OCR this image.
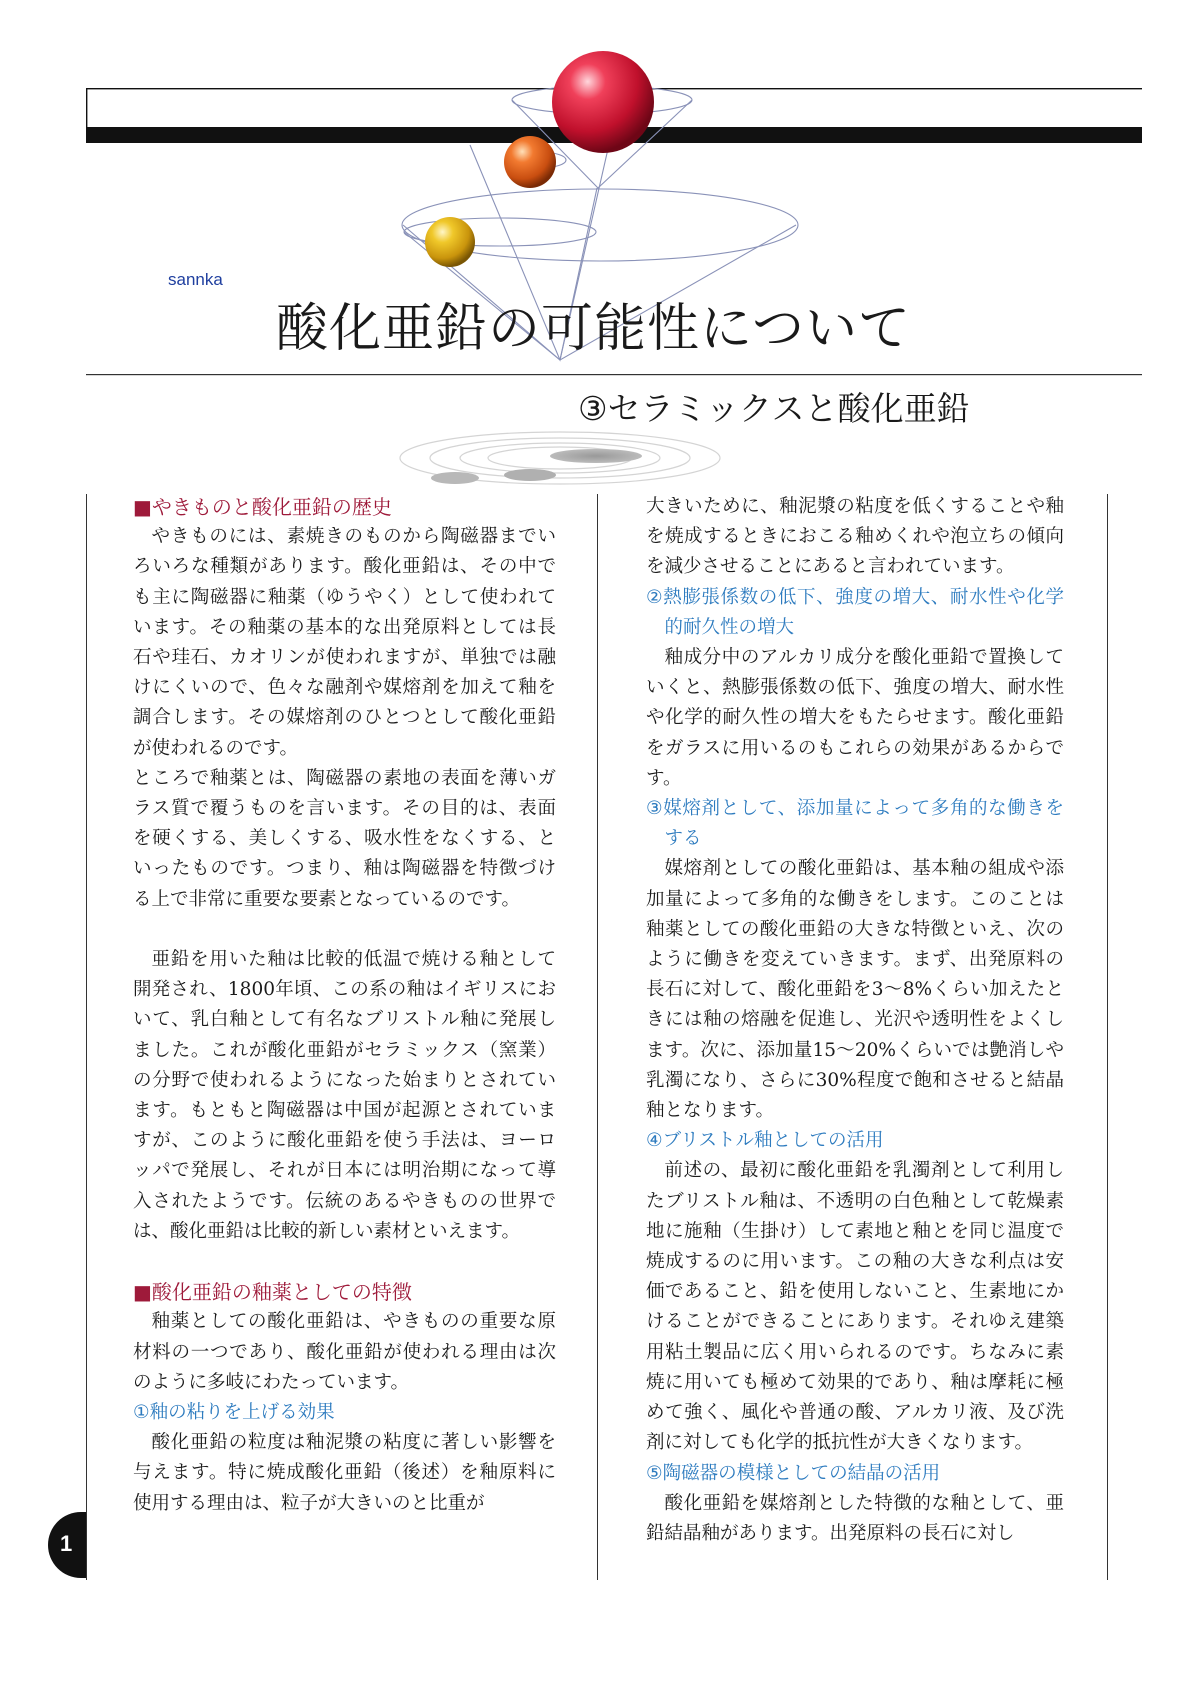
sannka
酸化亜鉛の可能性について
③セラミックスと酸化亜鉛

■やきものと酸化亜鉛の歴史

やきものには、素焼きのものから陶磁器までいろいろな種類があります。酸化亜鉛は、その中でも主に陶磁器に釉薬（ゆうやく）として使われています。その釉薬の基本的な出発原料としては長石や珪石、カオリンが使われますが、単独では融けにくいので、色々な融剤や媒熔剤を加えて釉を調合します。その媒熔剤のひとつとして酸化亜鉛が使われるのです。

ところで釉薬とは、陶磁器の素地の表面を薄いガラス質で覆うものを言います。その目的は、表面を硬くする、美しくする、吸水性をなくする、といったものです。つまり、釉は陶磁器を特徴づける上で非常に重要な要素となっているのです。

亜鉛を用いた釉は比較的低温で焼ける釉として開発され、1800年頃、この系の釉はイギリスにおいて、乳白釉として有名なブリストル釉に発展しました。これが酸化亜鉛がセラミックス（窯業）の分野で使われるようになった始まりとされています。もともと陶磁器は中国が起源とされていますが、このように酸化亜鉛を使う手法は、ヨーロッパで発展し、それが日本には明治期になって導入されたようです。伝統のあるやきものの世界では、酸化亜鉛は比較的新しい素材といえます。

■酸化亜鉛の釉薬としての特徴

釉薬としての酸化亜鉛は、やきものの重要な原材料の一つであり、酸化亜鉛が使われる理由は次のように多岐にわたっています。

①釉の粘りを上げる効果

酸化亜鉛の粒度は釉泥漿の粘度に著しい影響を与えます。特に焼成酸化亜鉛（後述）を釉原料に使用する理由は、粒子が大きいのと比重が

大きいために、釉泥漿の粘度を低くすることや釉を焼成するときにおこる釉めくれや泡立ちの傾向を減少させることにあると言われています。

②熱膨張係数の低下、強度の増大、耐水性や化学的耐久性の増大

釉成分中のアルカリ成分を酸化亜鉛で置換していくと、熱膨張係数の低下、強度の増大、耐水性や化学的耐久性の増大をもたらせます。酸化亜鉛をガラスに用いるのもこれらの効果があるからです。

③媒熔剤として、添加量によって多角的な働きをする

媒熔剤としての酸化亜鉛は、基本釉の組成や添加量によって多角的な働きをします。このことは釉薬としての酸化亜鉛の大きな特徴といえ、次のように働きを変えていきます。まず、出発原料の長石に対して、酸化亜鉛を3〜8%くらい加えたときには釉の熔融を促進し、光沢や透明性をよくします。次に、添加量15〜20%くらいでは艶消しや乳濁になり、さらに30%程度で飽和させると結晶釉となります。

④ブリストル釉としての活用

前述の、最初に酸化亜鉛を乳濁剤として利用したブリストル釉は、不透明の白色釉として乾燥素地に施釉（生掛け）して素地と釉とを同じ温度で焼成するのに用います。この釉の大きな利点は安価であること、鉛を使用しないこと、生素地にかけることができることにあります。それゆえ建築用粘土製品に広く用いられるのです。ちなみに素焼に用いても極めて効果的であり、釉は摩耗に極めて強く、風化や普通の酸、アルカリ液、及び洗剤に対しても化学的抵抗性が大きくなります。

⑤陶磁器の模様としての結晶の活用

酸化亜鉛を媒熔剤とした特徴的な釉として、亜鉛結晶釉があります。出発原料の長石に対し

1
